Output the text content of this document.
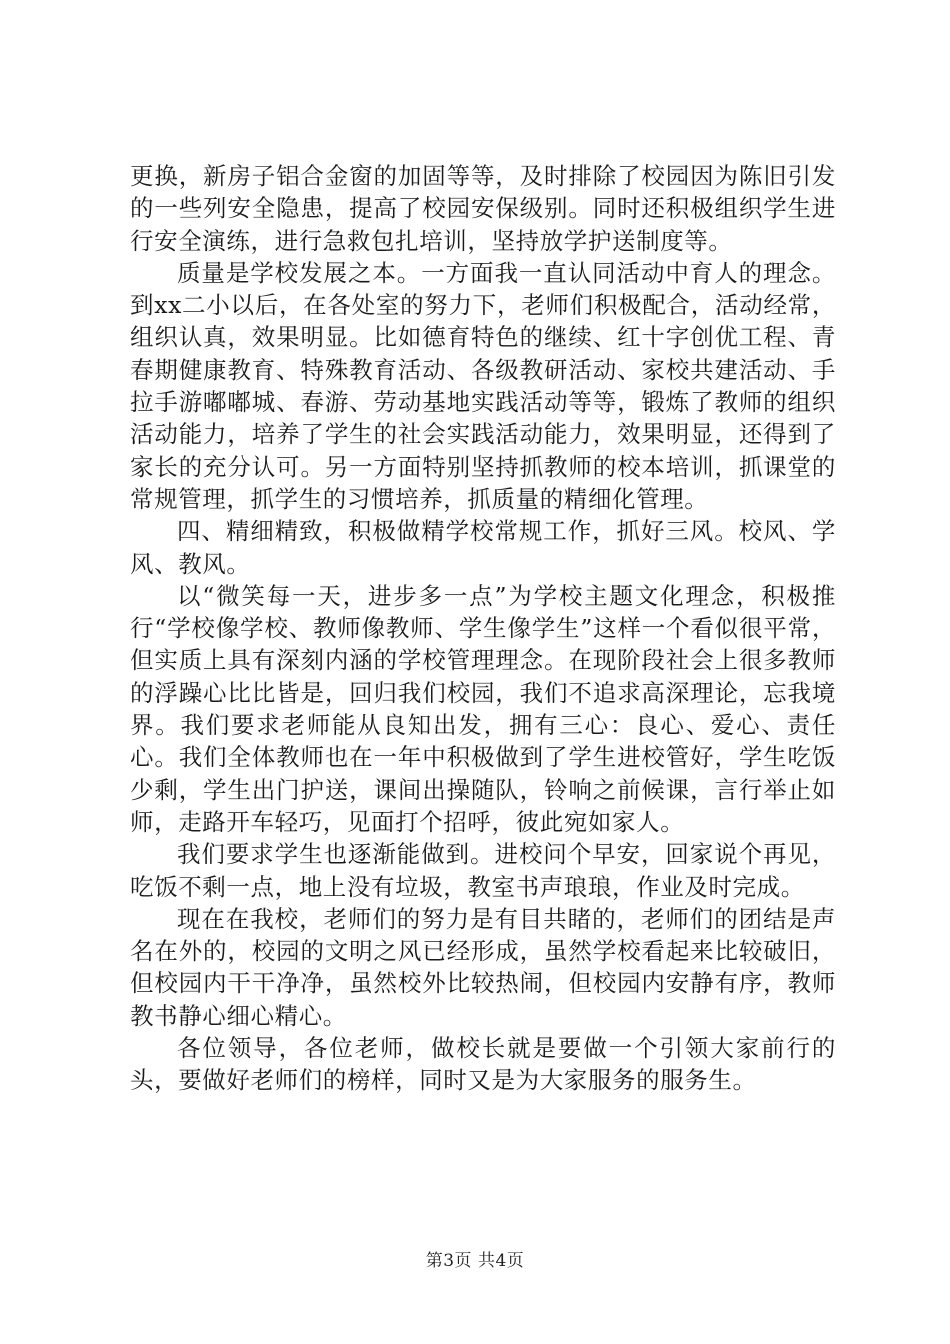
更换，新房子铝合金窗的加固等等，及时排除了校园因为陈旧引发的一些列安全隐患，提高了校园安保级别。同时还积极组织学生进行安全演练，进行急救包扎培训，坚持放学护送制度等。

质量是学校发展之本。一方面我一直认同活动中育人的理念。到xx二小以后，在各处室的努力下，老师们积极配合，活动经常，组织认真，效果明显。比如德育特色的继续、红十字创优工程、青春期健康教育、特殊教育活动、各级教研活动、家校共建活动、手拉手游嘟嘟城、春游、劳动基地实践活动等等，锻炼了教师的组织活动能力，培养了学生的社会实践活动能力，效果明显，还得到了家长的充分认可。另一方面特别坚持抓教师的校本培训，抓课堂的常规管理，抓学生的习惯培养，抓质量的精细化管理。

四、精细精致，积极做精学校常规工作，抓好三风。校风、学风、教风。

以“微笑每一天，进步多一点”为学校主题文化理念，积极推行“学校像学校、教师像教师、学生像学生”这样一个看似很平常，但实质上具有深刻内涵的学校管理理念。在现阶段社会上很多教师的浮躁心比比皆是，回归我们校园，我们不追求高深理论，忘我境界。我们要求老师能从良知出发，拥有三心：良心、爱心、责任心。我们全体教师也在一年中积极做到了学生进校管好，学生吃饭少剩，学生出门护送，课间出操随队，铃响之前候课，言行举止如师，走路开车轻巧，见面打个招呼，彼此宛如家人。

我们要求学生也逐渐能做到。进校问个早安，回家说个再见，吃饭不剩一点，地上没有垃圾，教室书声琅琅，作业及时完成。

现在在我校，老师们的努力是有目共睹的，老师们的团结是声名在外的，校园的文明之风已经形成，虽然学校看起来比较破旧，但校园内干干净净，虽然校外比较热闹，但校园内安静有序，教师教书静心细心精心。

各位领导，各位老师，做校长就是要做一个引领大家前行的头，要做好老师们的榜样，同时又是为大家服务的服务生。

第3页 共4页
